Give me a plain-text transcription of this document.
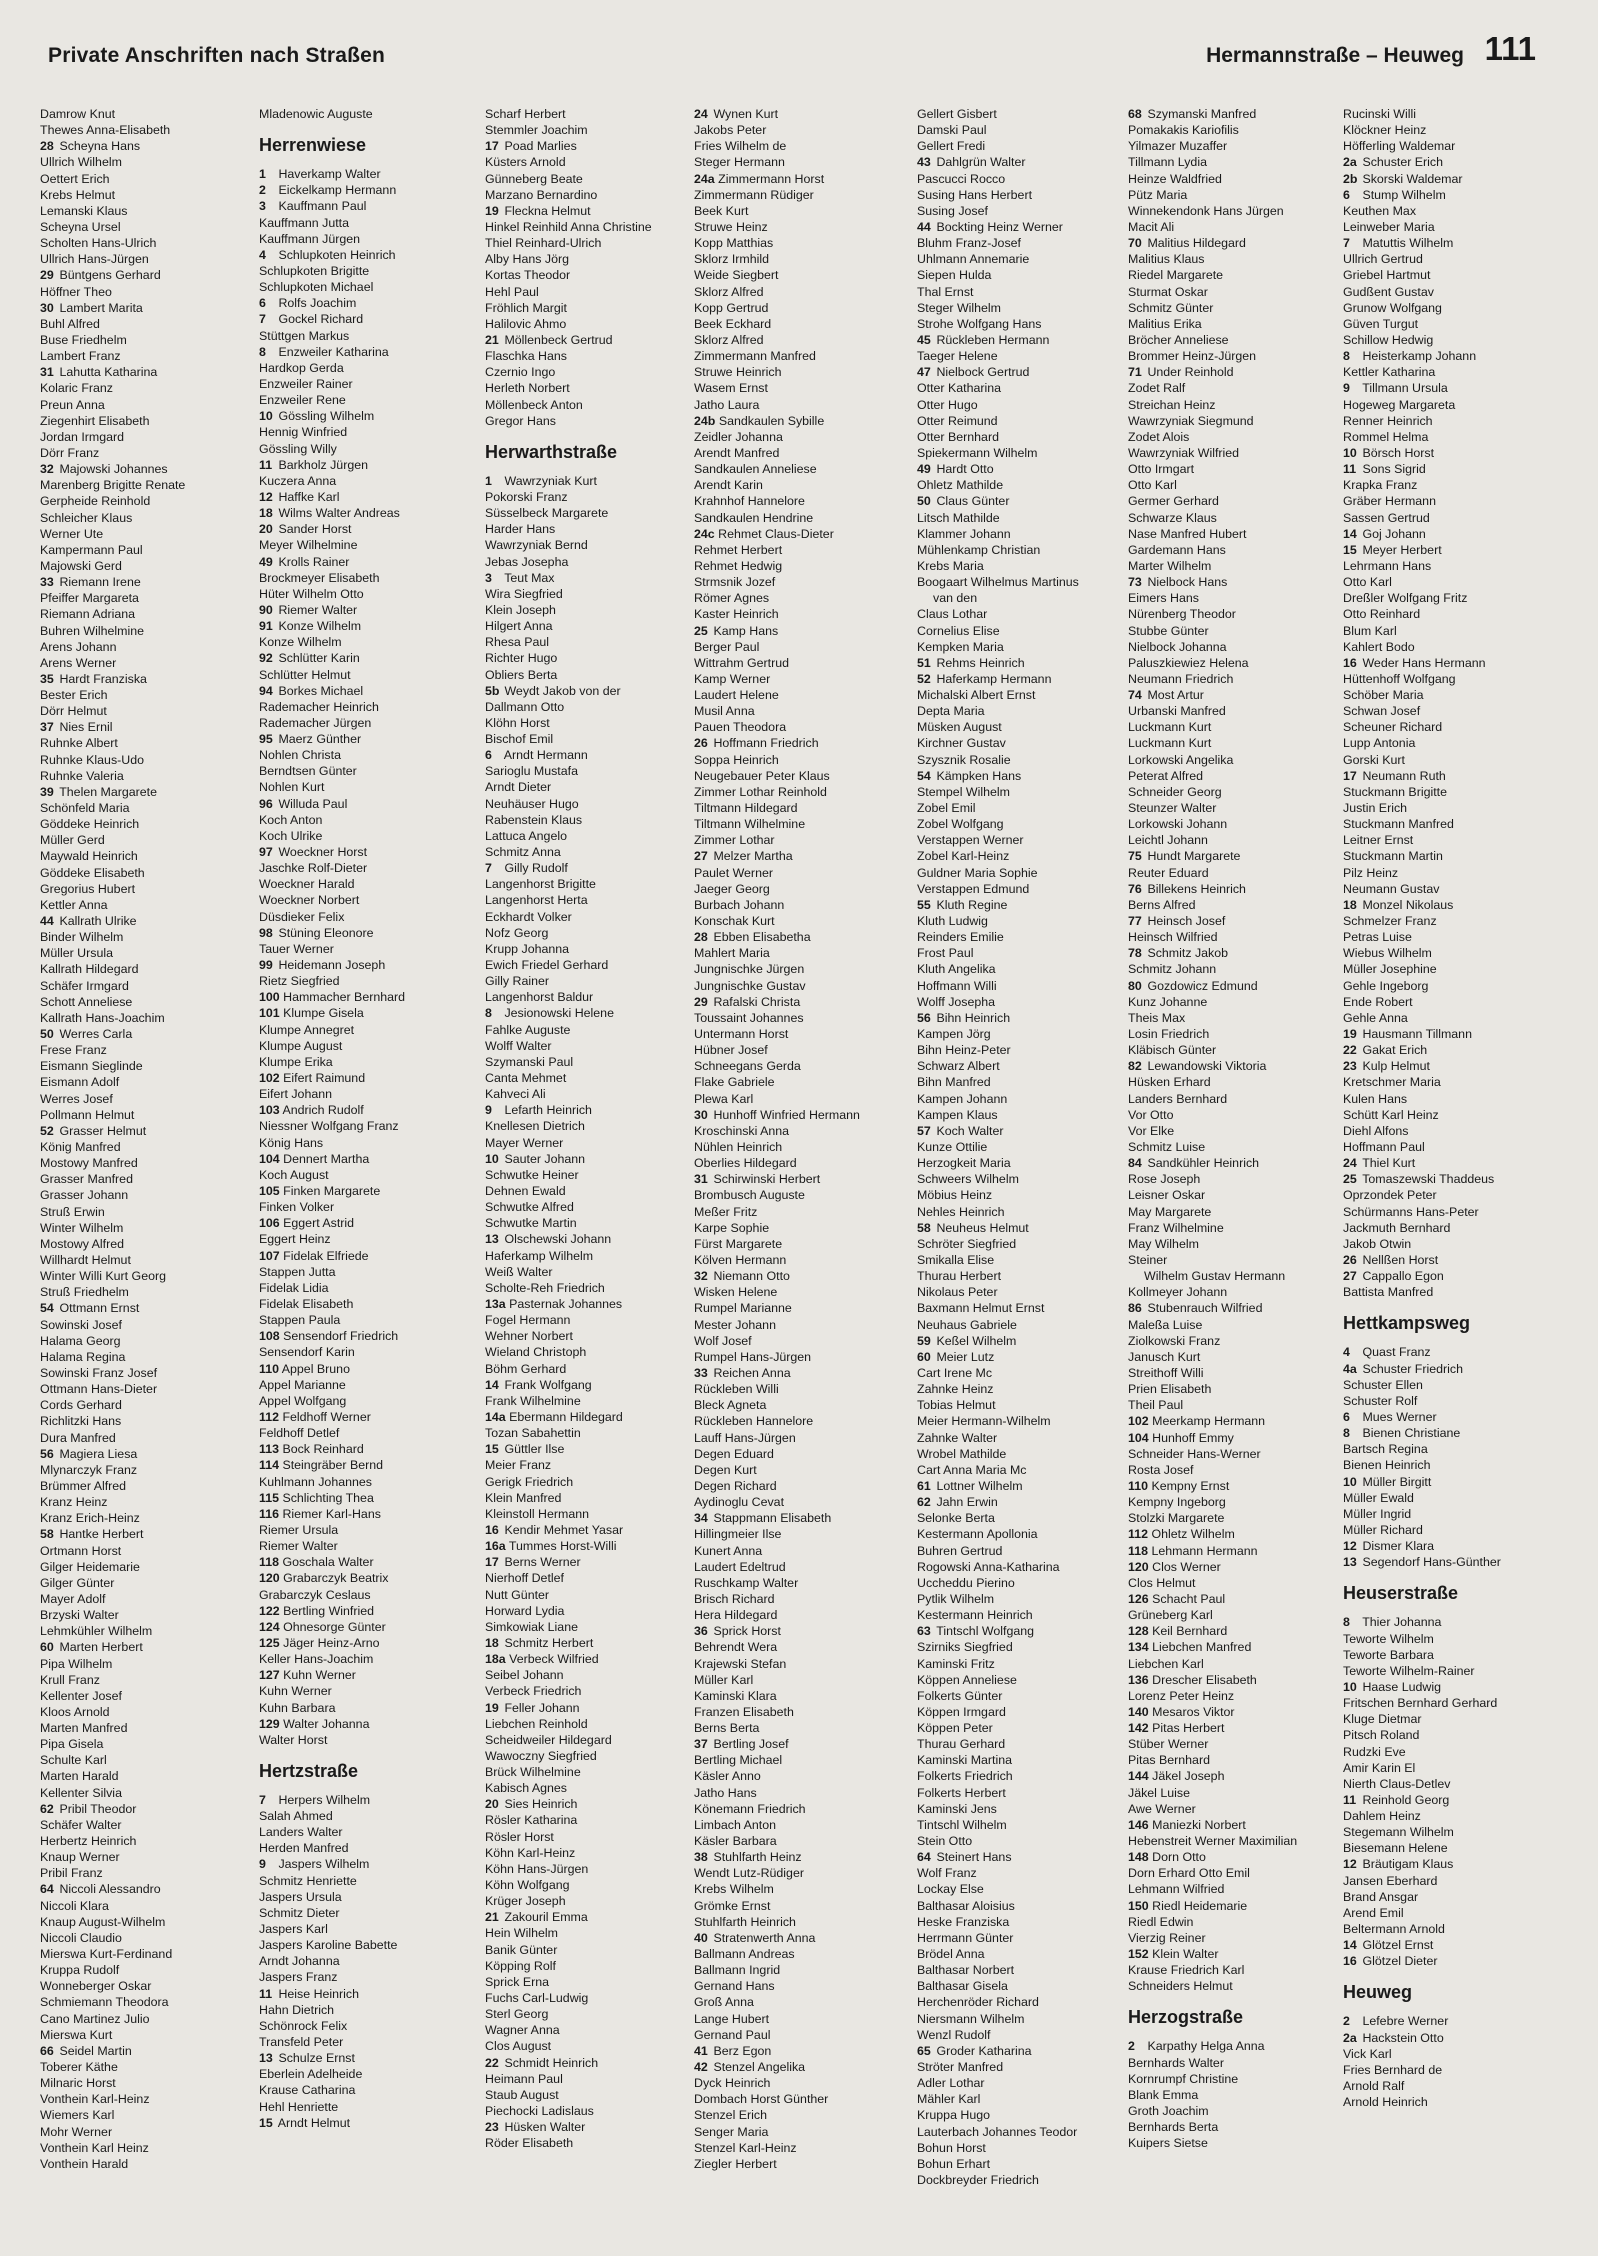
Private Anschriften nach Straßen	Hermannstraße – Heuweg 111
Damrow Knut
Thewes Anna-Elisabeth
28 Scheyna Hans
Ullrich Wilhelm
Oettert Erich
Krebs Helmut
Lemanski Klaus
Scheyna Ursel
Scholten Hans-Ulrich
Ullrich Hans-Jürgen
29 Büntgens Gerhard
Höffner Theo
30 Lambert Marita
Buhl Alfred
Buse Friedhelm
Lambert Franz
31 Lahutta Katharina
Kolaric Franz
Preun Anna
Ziegenhirt Elisabeth
Jordan Irmgard
Dörr Franz
32 Majowski Johannes
Marenberg Brigitte Renate
Gerpheide Reinhold
Schleicher Klaus
Werner Ute
Kampermann Paul
Majowski Gerd
33 Riemann Irene
Pfeiffer Margareta
Riemann Adriana
Buhren Wilhelmine
Arens Johann
Arens Werner
35 Hardt Franziska
Bester Erich
Dörr Helmut
37 Nies Ernil
Ruhnke Albert
Ruhnke Klaus-Udo
Ruhnke Valeria
39 Thelen Margarete
Schönfeld Maria
Göddeke Heinrich
Müller Gerd
Maywald Heinrich
Göddeke Elisabeth
Gregorius Hubert
Kettler Anna
44 Kallrath Ulrike
Binder Wilhelm
Müller Ursula
Kallrath Hildegard
Schäfer Irmgard
Schott Anneliese
Kallrath Hans-Joachim
50 Werres Carla
Frese Franz
Eismann Sieglinde
Eismann Adolf
Werres Josef
Pollmann Helmut
52 Grasser Helmut
König Manfred
Mostowy Manfred
Grasser Manfred
Grasser Johann
Struß Erwin
Winter Wilhelm
Mostowy Alfred
Willhardt Helmut
Winter Willi Kurt Georg
Struß Friedhelm
54 Ottmann Ernst
Sowinski Josef
Halama Georg
Halama Regina
Sowinski Franz Josef
Ottmann Hans-Dieter
Cords Gerhard
Richlitzki Hans
Dura Manfred
56 Magiera Liesa
Mlynarczyk Franz
Brümmer Alfred
Kranz Heinz
Kranz Erich-Heinz
58 Hantke Herbert
Ortmann Horst
Gilger Heidemarie
Gilger Günter
Mayer Adolf
Brzyski Walter
Lehmkühler Wilhelm
60 Marten Herbert
Pipa Wilhelm
Krull Franz
Kellenter Josef
Kloos Arnold
Marten Manfred
Pipa Gisela
Schulte Karl
Marten Harald
Kellenter Silvia
62 Pribil Theodor
Schäfer Walter
Herbertz Heinrich
Knaup Werner
Pribil Franz
64 Niccoli Alessandro
Niccoli Klara
Knaup August-Wilhelm
Niccoli Claudio
Mierswa Kurt-Ferdinand
Kruppa Rudolf
Wonneberger Oskar
Schmiemann Theodora
Cano Martinez Julio
Mierswa Kurt
66 Seidel Martin
Toberer Käthe
Milnaric Horst
Vonthein Karl-Heinz
Wiemers Karl
Mohr Werner
Vonthein Karl Heinz
Vonthein Harald
Mladenowic Auguste
Herrenwiese
1 Haverkamp Walter
2 Eickelkamp Hermann
3 Kauffmann Paul
Kauffmann Jutta
Kauffmann Jürgen
4 Schlupkoten Heinrich
Schlupkoten Brigitte
Schlupkoten Michael
6 Rolfs Joachim
7 Gockel Richard
Stüttgen Markus
8 Enzweiler Katharina
Hardkop Gerda
Enzweiler Rainer
Enzweiler Rene
10 Gössling Wilhelm
Hennig Winfried
Gössling Willy
11 Barkholz Jürgen
Kuczera Anna
12 Haffke Karl
18 Wilms Walter Andreas
20 Sander Horst
Meyer Wilhelmine
49 Krolls Rainer
Brockmeyer Elisabeth
Hüter Wilhelm Otto
90 Riemer Walter
91 Konze Wilhelm
Konze Wilhelm
92 Schlütter Karin
Schlütter Helmut
94 Borkes Michael
Rademacher Heinrich
Rademacher Jürgen
95 Maerz Günther
Nohlen Christa
Berndtsen Günter
Nohlen Kurt
96 Willuda Paul
Koch Anton
Koch Ulrike
97 Woeckner Horst
Jaschke Rolf-Dieter
Woeckner Harald
Woeckner Norbert
Düsdieker Felix
98 Stüning Eleonore
Tauer Werner
99 Heidemann Joseph
Rietz Siegfried
100 Hammacher Bernhard
101 Klumpe Gisela
Klumpe Annegret
Klumpe August
Klumpe Erika
102 Eifert Raimund
Eifert Johann
103 Andrich Rudolf
Niessner Wolfgang Franz
König Hans
104 Dennert Martha
Koch August
105 Finken Margarete
Finken Volker
106 Eggert Astrid
Eggert Heinz
107 Fidelak Elfriede
Stappen Jutta
Fidelak Lidia
Fidelak Elisabeth
Stappen Paula
108 Sensendorf Friedrich
Sensendorf Karin
110 Appel Bruno
Appel Marianne
Appel Wolfgang
112 Feldhoff Werner
Feldhoff Detlef
113 Bock Reinhard
114 Steingräber Bernd
Kuhlmann Johannes
115 Schlichting Thea
116 Riemer Karl-Hans
Riemer Ursula
Riemer Walter
118 Goschala Walter
120 Grabarczyk Beatrix
Grabarczyk Ceslaus
122 Bertling Winfried
124 Ohnesorge Günter
125 Jäger Heinz-Arno
Keller Hans-Joachim
127 Kuhn Werner
Kuhn Werner
Kuhn Barbara
129 Walter Johanna
Walter Horst
Hertzstraße
7 Herpers Wilhelm
Salah Ahmed
Landers Walter
Herden Manfred
9 Jaspers Wilhelm
Schmitz Henriette
Jaspers Ursula
Schmitz Dieter
Jaspers Karl
Jaspers Karoline Babette
Arndt Johanna
Jaspers Franz
11 Heise Heinrich
Hahn Dietrich
Schönrock Felix
Transfeld Peter
13 Schulze Ernst
Eberlein Adelheide
Krause Catharina
Hehl Henriette
15 Arndt Helmut
Scharf Herbert
Stemmler Joachim
17 Poad Marlies
Küsters Arnold
Günneberg Beate
Marzano Bernardino
19 Fleckna Helmut
Hinkel Reinhild Anna Christine
Thiel Reinhard-Ulrich
Alby Hans Jörg
Kortas Theodor
Hehl Paul
Fröhlich Margit
Halilovic Ahmo
21 Möllenbeck Gertrud
Flaschka Hans
Czernio Ingo
Herleth Norbert
Möllenbeck Anton
Gregor Hans
Herwarthstraße
1 Wawrzyniak Kurt
Pokorski Franz
Süsselbeck Margarete
Harder Hans
Wawrzyniak Bernd
Jebas Josepha
3 Teut Max
Wira Siegfried
Klein Joseph
Hilgert Anna
Rhesa Paul
Richter Hugo
Obliers Berta
5b Weydt Jakob von der
Dallmann Otto
Klöhn Horst
Bischof Emil
6 Arndt Hermann
Sarioglu Mustafa
Arndt Dieter
Neuhäuser Hugo
Rabenstein Klaus
Lattuca Angelo
Schmitz Anna
7 Gilly Rudolf
Langenhorst Brigitte
Langenhorst Herta
Eckhardt Volker
Nofz Georg
Krupp Johanna
Ewich Friedel Gerhard
Gilly Rainer
Langenhorst Baldur
8 Jesionowski Helene
Fahlke Auguste
Wolff Walter
Szymanski Paul
Canta Mehmet
Kahveci Ali
9 Lefarth Heinrich
Knellesen Dietrich
Mayer Werner
10 Sauter Johann
Schwutke Heiner
Dehnen Ewald
Schwutke Alfred
Schwutke Martin
13 Olschewski Johann
Haferkamp Wilhelm
Weiß Walter
Scholte-Reh Friedrich
13a Pasternak Johannes
Fogel Hermann
Wehner Norbert
Wieland Christoph
Böhm Gerhard
14 Frank Wolfgang
Frank Wilhelmine
14a Ebermann Hildegard
Tozan Sabahettin
15 Güttler Ilse
Meier Franz
Gerigk Friedrich
Klein Manfred
Kleinstoll Hermann
16 Kendir Mehmet Yasar
16a Tummes Horst-Willi
17 Berns Werner
Nierhoff Detlef
Nutt Günter
Horward Lydia
Simkowiak Liane
18 Schmitz Herbert
18a Verbeck Wilfried
Seibel Johann
Verbeck Friedrich
19 Feller Johann
Liebchen Reinhold
Scheidweiler Hildegard
Wawoczny Siegfried
Brück Wilhelmine
Kabisch Agnes
20 Sies Heinrich
Rösler Katharina
Rösler Horst
Köhn Karl-Heinz
Köhn Hans-Jürgen
Köhn Wolfgang
Krüger Joseph
21 Zakouril Emma
Hein Wilhelm
Banik Günter
Köpping Rolf
Sprick Erna
Fuchs Carl-Ludwig
Sterl Georg
Wagner Anna
Clos August
22 Schmidt Heinrich
Heimann Paul
Staub August
Piechocki Ladislaus
23 Hüsken Walter
Röder Elisabeth
24 Wynen Kurt
Jakobs Peter
Fries Wilhelm de
Steger Hermann
24a Zimmermann Horst
Zimmermann Rüdiger
Beek Kurt
Struwe Heinz
Kopp Matthias
Sklorz Irmhild
Weide Siegbert
Sklorz Alfred
Kopp Gertrud
Beek Eckhard
Sklorz Alfred
Zimmermann Manfred
Struwe Heinrich
Wasem Ernst
Jatho Laura
24b Sandkaulen Sybille
Zeidler Johanna
Arendt Manfred
Sandkaulen Anneliese
Arendt Karin
Krahnhof Hannelore
Sandkaulen Hendrine
24c Rehmet Claus-Dieter
Rehmet Herbert
Rehmet Hedwig
Strmsnik Jozef
Römer Agnes
Kaster Heinrich
25 Kamp Hans
Berger Paul
Wittrahm Gertrud
Kamp Werner
Laudert Helene
Musil Anna
Pauen Theodora
26 Hoffmann Friedrich
Soppa Heinrich
Neugebauer Peter Klaus
Zimmer Lothar Reinhold
Tiltmann Hildegard
Tiltmann Wilhelmine
Zimmer Lothar
27 Melzer Martha
Paulet Werner
Jaeger Georg
Burbach Johann
Konschak Kurt
28 Ebben Elisabetha
Mahlert Maria
Jungnischke Jürgen
Jungnischke Gustav
29 Rafalski Christa
Toussaint Johannes
Untermann Horst
Hübner Josef
Schneegans Gerda
Flake Gabriele
Plewa Karl
30 Hunhoff Winfried Hermann
Kroschinski Anna
Nühlen Heinrich
Oberlies Hildegard
31 Schirwinski Herbert
Brombusch Auguste
Meßer Fritz
Karpe Sophie
Fürst Margarete
Kölven Hermann
32 Niemann Otto
Wisken Helene
Rumpel Marianne
Mester Johann
Wolf Josef
Rumpel Hans-Jürgen
33 Reichen Anna
Rückleben Willi
Bleck Agneta
Rückleben Hannelore
Lauff Hans-Jürgen
Degen Eduard
Degen Kurt
Degen Richard
Aydinoglu Cevat
34 Stappmann Elisabeth
Hillingmeier Ilse
Kunert Anna
Laudert Edeltrud
Ruschkamp Walter
Brisch Richard
Hera Hildegard
36 Sprick Horst
Behrendt Wera
Krajewski Stefan
Müller Karl
Kaminski Klara
Franzen Elisabeth
Berns Berta
37 Bertling Josef
Bertling Michael
Käsler Anno
Jatho Hans
Könemann Friedrich
Limbach Anton
Käsler Barbara
38 Stuhlfarth Heinz
Wendt Lutz-Rüdiger
Krebs Wilhelm
Grömke Ernst
Stuhlfarth Heinrich
40 Stratenwerth Anna
Ballmann Andreas
Ballmann Ingrid
Gernand Hans
Groß Anna
Lange Hubert
Gernand Paul
41 Berz Egon
42 Stenzel Angelika
Dyck Heinrich
Dombach Horst Günther
Stenzel Erich
Senger Maria
Stenzel Karl-Heinz
Ziegler Herbert
Gellert Gisbert
Damski Paul
Gellert Fredi
43 Dahlgrün Walter
Pascucci Rocco
Susing Hans Herbert
Susing Josef
44 Bockting Heinz Werner
Bluhm Franz-Josef
Uhlmann Annemarie
Siepen Hulda
Thal Ernst
Steger Wilhelm
Strohe Wolfgang Hans
45 Rückleben Hermann
Taeger Helene
47 Nielbock Gertrud
Otter Katharina
Otter Hugo
Otter Reimund
Otter Bernhard
Spiekermann Wilhelm
49 Hardt Otto
Ohletz Mathilde
50 Claus Günter
Litsch Mathilde
Klammer Johann
Mühlenkamp Christian
Krebs Maria
Boogaart Wilhelmus Martinus
van den
Claus Lothar
Cornelius Elise
Kempken Maria
51 Rehms Heinrich
52 Haferkamp Hermann
Michalski Albert Ernst
Depta Maria
Müsken August
Kirchner Gustav
Szysznik Rosalie
54 Kämpken Hans
Stempel Wilhelm
Zobel Emil
Zobel Wolfgang
Verstappen Werner
Zobel Karl-Heinz
Guldner Maria Sophie
Verstappen Edmund
55 Kluth Regine
Kluth Ludwig
Reinders Emilie
Frost Paul
Kluth Angelika
Hoffmann Willi
Wolff Josepha
56 Bihn Heinrich
Kampen Jörg
Bihn Heinz-Peter
Schwarz Albert
Bihn Manfred
Kampen Johann
Kampen Klaus
57 Koch Walter
Kunze Ottilie
Herzogkeit Maria
Schweers Wilhelm
Möbius Heinz
Nehles Heinrich
58 Neuheus Helmut
Schröter Siegfried
Smikalla Elise
Thurau Herbert
Nikolaus Peter
Baxmann Helmut Ernst
Neuhaus Gabriele
59 Keßel Wilhelm
60 Meier Lutz
Cart Irene Mc
Zahnke Heinz
Tobias Helmut
Meier Hermann-Wilhelm
Zahnke Walter
Wrobel Mathilde
Cart Anna Maria Mc
61 Lottner Wilhelm
62 Jahn Erwin
Selonke Berta
Kestermann Apollonia
Buhren Gertrud
Rogowski Anna-Katharina
Uccheddu Pierino
Pytlik Wilhelm
Kestermann Heinrich
63 Tintschl Wolfgang
Szirniks Siegfried
Kaminski Fritz
Köppen Anneliese
Folkerts Günter
Köppen Irmgard
Köppen Peter
Thurau Gerhard
Kaminski Martina
Folkerts Friedrich
Folkerts Herbert
Kaminski Jens
Tintschl Wilhelm
Stein Otto
64 Steinert Hans
Wolf Franz
Lockay Else
Balthasar Aloisius
Heske Franziska
Herrmann Günter
Brödel Anna
Balthasar Norbert
Balthasar Gisela
Herchenröder Richard
Niersmann Wilhelm
Wenzl Rudolf
65 Groder Katharina
Ströter Manfred
Adler Lothar
Mähler Karl
Kruppa Hugo
Lauterbach Johannes Teodor
Bohun Horst
Bohun Erhart
Dockbreyder Friedrich
68 Szymanski Manfred
Pomakakis Kariofilis
Yilmazer Muzaffer
Tillmann Lydia
Heinze Waldfried
Pütz Maria
Winnekendonk Hans Jürgen
Macit Ali
70 Malitius Hildegard
Malitius Klaus
Riedel Margarete
Sturmat Oskar
Schmitz Günter
Malitius Erika
Bröcher Anneliese
Brommer Heinz-Jürgen
71 Under Reinhold
Zodet Ralf
Streichan Heinz
Wawrzyniak Siegmund
Zodet Alois
Wawrzyniak Wilfried
Otto Irmgart
Otto Karl
Germer Gerhard
Schwarze Klaus
Nase Manfred Hubert
Gardemann Hans
Marter Wilhelm
73 Nielbock Hans
Eimers Hans
Nürenberg Theodor
Stubbe Günter
Nielbock Johanna
Paluszkiewiez Helena
Neumann Friedrich
74 Most Artur
Urbanski Manfred
Luckmann Kurt
Luckmann Kurt
Lorkowski Angelika
Peterat Alfred
Schneider Georg
Steunzer Walter
Lorkowski Johann
Leichtl Johann
75 Hundt Margarete
Reuter Eduard
76 Billekens Heinrich
Berns Alfred
77 Heinsch Josef
Heinsch Wilfried
78 Schmitz Jakob
Schmitz Johann
80 Gozdowicz Edmund
Kunz Johanne
Theis Max
Losin Friedrich
Kläbisch Günter
82 Lewandowski Viktoria
Hüsken Erhard
Landers Bernhard
Vor Otto
Vor Elke
Schmitz Luise
84 Sandkühler Heinrich
Rose Joseph
Leisner Oskar
May Margarete
Franz Wilhelmine
May Wilhelm
Steiner
Wilhelm Gustav Hermann
Kollmeyer Johann
86 Stubenrauch Wilfried
Maleßa Luise
Ziolkowski Franz
Janusch Kurt
Streithoff Willi
Prien Elisabeth
Theil Paul
102 Meerkamp Hermann
104 Hunhoff Emmy
Schneider Hans-Werner
Rosta Josef
110 Kempny Ernst
Kempny Ingeborg
Stolzki Margarete
112 Ohletz Wilhelm
118 Lehmann Hermann
120 Clos Werner
Clos Helmut
126 Schacht Paul
Grüneberg Karl
128 Keil Bernhard
134 Liebchen Manfred
Liebchen Karl
136 Drescher Elisabeth
Lorenz Peter Heinz
140 Mesaros Viktor
142 Pitas Herbert
Stüber Werner
Pitas Bernhard
144 Jäkel Joseph
Jäkel Luise
Awe Werner
146 Maniezki Norbert
Hebenstreit Werner Maximilian
148 Dorn Otto
Dorn Erhard Otto Emil
Lehmann Wilfried
150 Riedl Heidemarie
Riedl Edwin
Vierzig Reiner
152 Klein Walter
Krause Friedrich Karl
Schneiders Helmut
Herzogstraße
2 Karpathy Helga Anna
Bernhards Walter
Kornrumpf Christine
Blank Emma
Groth Joachim
Bernhards Berta
Kuipers Sietse
Rucinski Willi
Klöckner Heinz
Höfferling Waldemar
2a Schuster Erich
2b Skorski Waldemar
6 Stump Wilhelm
Keuthen Max
Leinweber Maria
7 Matuttis Wilhelm
Ullrich Gertrud
Griebel Hartmut
Gudßent Gustav
Grunow Wolfgang
Güven Turgut
Schillow Hedwig
8 Heisterkamp Johann
Kettler Katharina
9 Tillmann Ursula
Hogeweg Margareta
Renner Heinrich
Rommel Helma
10 Börsch Horst
11 Sons Sigrid
Krapka Franz
Gräber Hermann
Sassen Gertrud
14 Goj Johann
15 Meyer Herbert
Lehrmann Hans
Otto Karl
Dreßler Wolfgang Fritz
Otto Reinhard
Blum Karl
Kahlert Bodo
16 Weder Hans Hermann
Hüttenhoff Wolfgang
Schöber Maria
Schwan Josef
Scheuner Richard
Lupp Antonia
Gorski Kurt
17 Neumann Ruth
Stuckmann Brigitte
Justin Erich
Stuckmann Manfred
Leitner Ernst
Stuckmann Martin
Pilz Heinz
Neumann Gustav
18 Monzel Nikolaus
Schmelzer Franz
Petras Luise
Wiebus Wilhelm
Müller Josephine
Gehle Ingeborg
Ende Robert
Gehle Anna
19 Hausmann Tillmann
22 Gakat Erich
23 Kulp Helmut
Kretschmer Maria
Kulen Hans
Schütt Karl Heinz
Diehl Alfons
Hoffmann Paul
24 Thiel Kurt
25 Tomaszewski Thaddeus
Oprzondek Peter
Schürmanns Hans-Peter
Jackmuth Bernhard
Jakob Otwin
26 Nellßen Horst
27 Cappallo Egon
Battista Manfred
Hettkampsweg
4 Quast Franz
4a Schuster Friedrich
Schuster Ellen
Schuster Rolf
6 Mues Werner
8 Bienen Christiane
Bartsch Regina
Bienen Heinrich
10 Müller Birgitt
Müller Ewald
Müller Ingrid
Müller Richard
12 Dismer Klara
13 Segendorf Hans-Günther
Heuserstraße
8 Thier Johanna
Teworte Wilhelm
Teworte Barbara
Teworte Wilhelm-Rainer
10 Haase Ludwig
Fritschen Bernhard Gerhard
Kluge Dietmar
Pitsch Roland
Rudzki Eve
Amir Karin El
Nierth Claus-Detlev
11 Reinhold Georg
Dahlem Heinz
Stegemann Wilhelm
Biesemann Helene
12 Bräutigam Klaus
Jansen Eberhard
Brand Ansgar
Arend Emil
Beltermann Arnold
14 Glötzel Ernst
16 Glötzel Dieter
Heuweg
2 Lefebre Werner
2a Hackstein Otto
Vick Karl
Fries Bernhard de
Arnold Ralf
Arnold Heinrich
